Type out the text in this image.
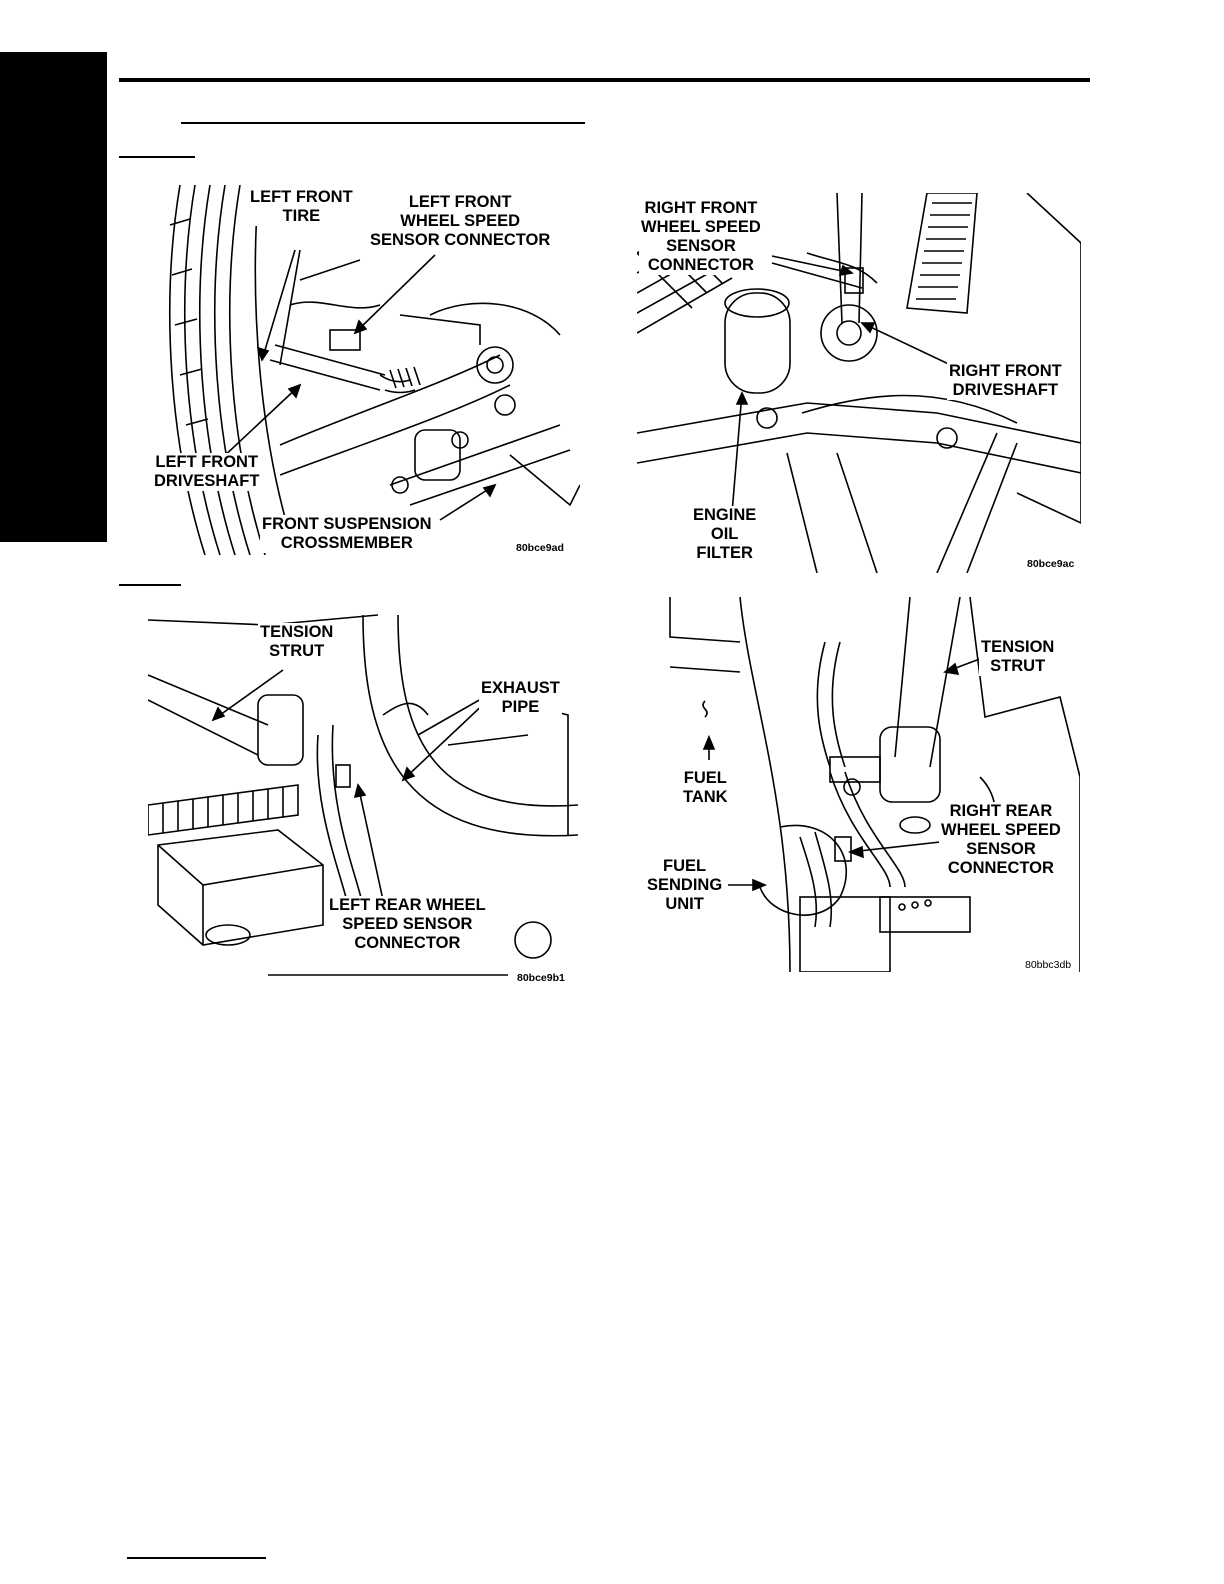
LEFT FRONT
TIRE
LEFT FRONT
WHEEL SPEED
SENSOR CONNECTOR
LEFT FRONT
DRIVESHAFT
FRONT SUSPENSION
CROSSMEMBER	80bce9ad
RIGHT FRONT
WHEEL SPEED
SENSOR
CONNECTOR
RIGHT FRONT
DRIVESHAFT
ENGINE
OIL
FILTER
80bce9ac
TENSION
STRUT
EXHAUST
PIPE
LEFT REAR WHEEL
SPEED SENSOR
CONNECTOR
80bce9b1
TENSION
STRUT
FUEL
TANK
RIGHT REAR
WHEEL SPEED
SENSOR
CONNECTOR
FUEL
SENDING
UNIT
80bbc3db
